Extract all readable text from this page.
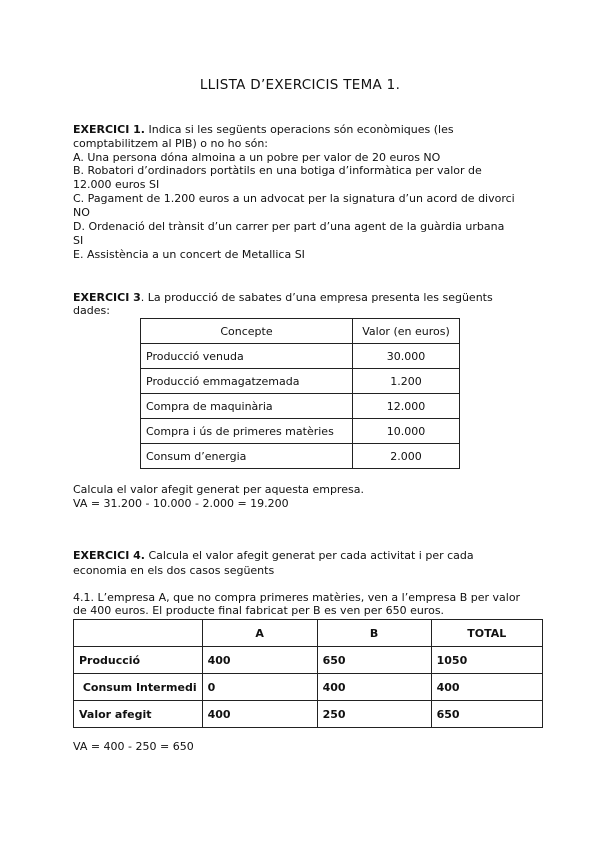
LLISTA D’EXERCICIS TEMA 1.
EXERCICI 1. Indica si les següents operacions són econòmiques (les
comptabilitzem al PIB) o no ho són:
A. Una persona dóna almoina a un pobre per valor de 20 euros NO
B. Robatori d’ordinadors portàtils en una botiga d’informàtica per valor de
12.000 euros SI
C. Pagament de 1.200 euros a un advocat per la signatura d’un acord de divorci
NO
D. Ordenació del trànsit d’un carrer per part d’una agent de la guàrdia urbana
SI
E. Assistència a un concert de Metallica SI
EXERCICI 3. La producció de sabates d’una empresa presenta les següents
dades:
Concepte	Valor (en euros)
Producció venuda	30.000
Producció emmagatzemada	1.200
Compra de maquinària	12.000
Compra i ús de primeres matèries	10.000
Consum d’energia	2.000
Calcula el valor afegit generat per aquesta empresa.
VA = 31.200 - 10.000 - 2.000 = 19.200
EXERCICI 4. Calcula el valor afegit generat per cada activitat i per cada
economia en els dos casos següents
4.1. L’empresa A, que no compra primeres matèries, ven a l’empresa B per valor
de 400 euros. El producte final fabricat per B es ven per 650 euros.
	A	B	TOTAL
Producció	400	650	1050
Consum Intermedi	0	400	400
Valor afegit	400	250	650
VA = 400 - 250 = 650
